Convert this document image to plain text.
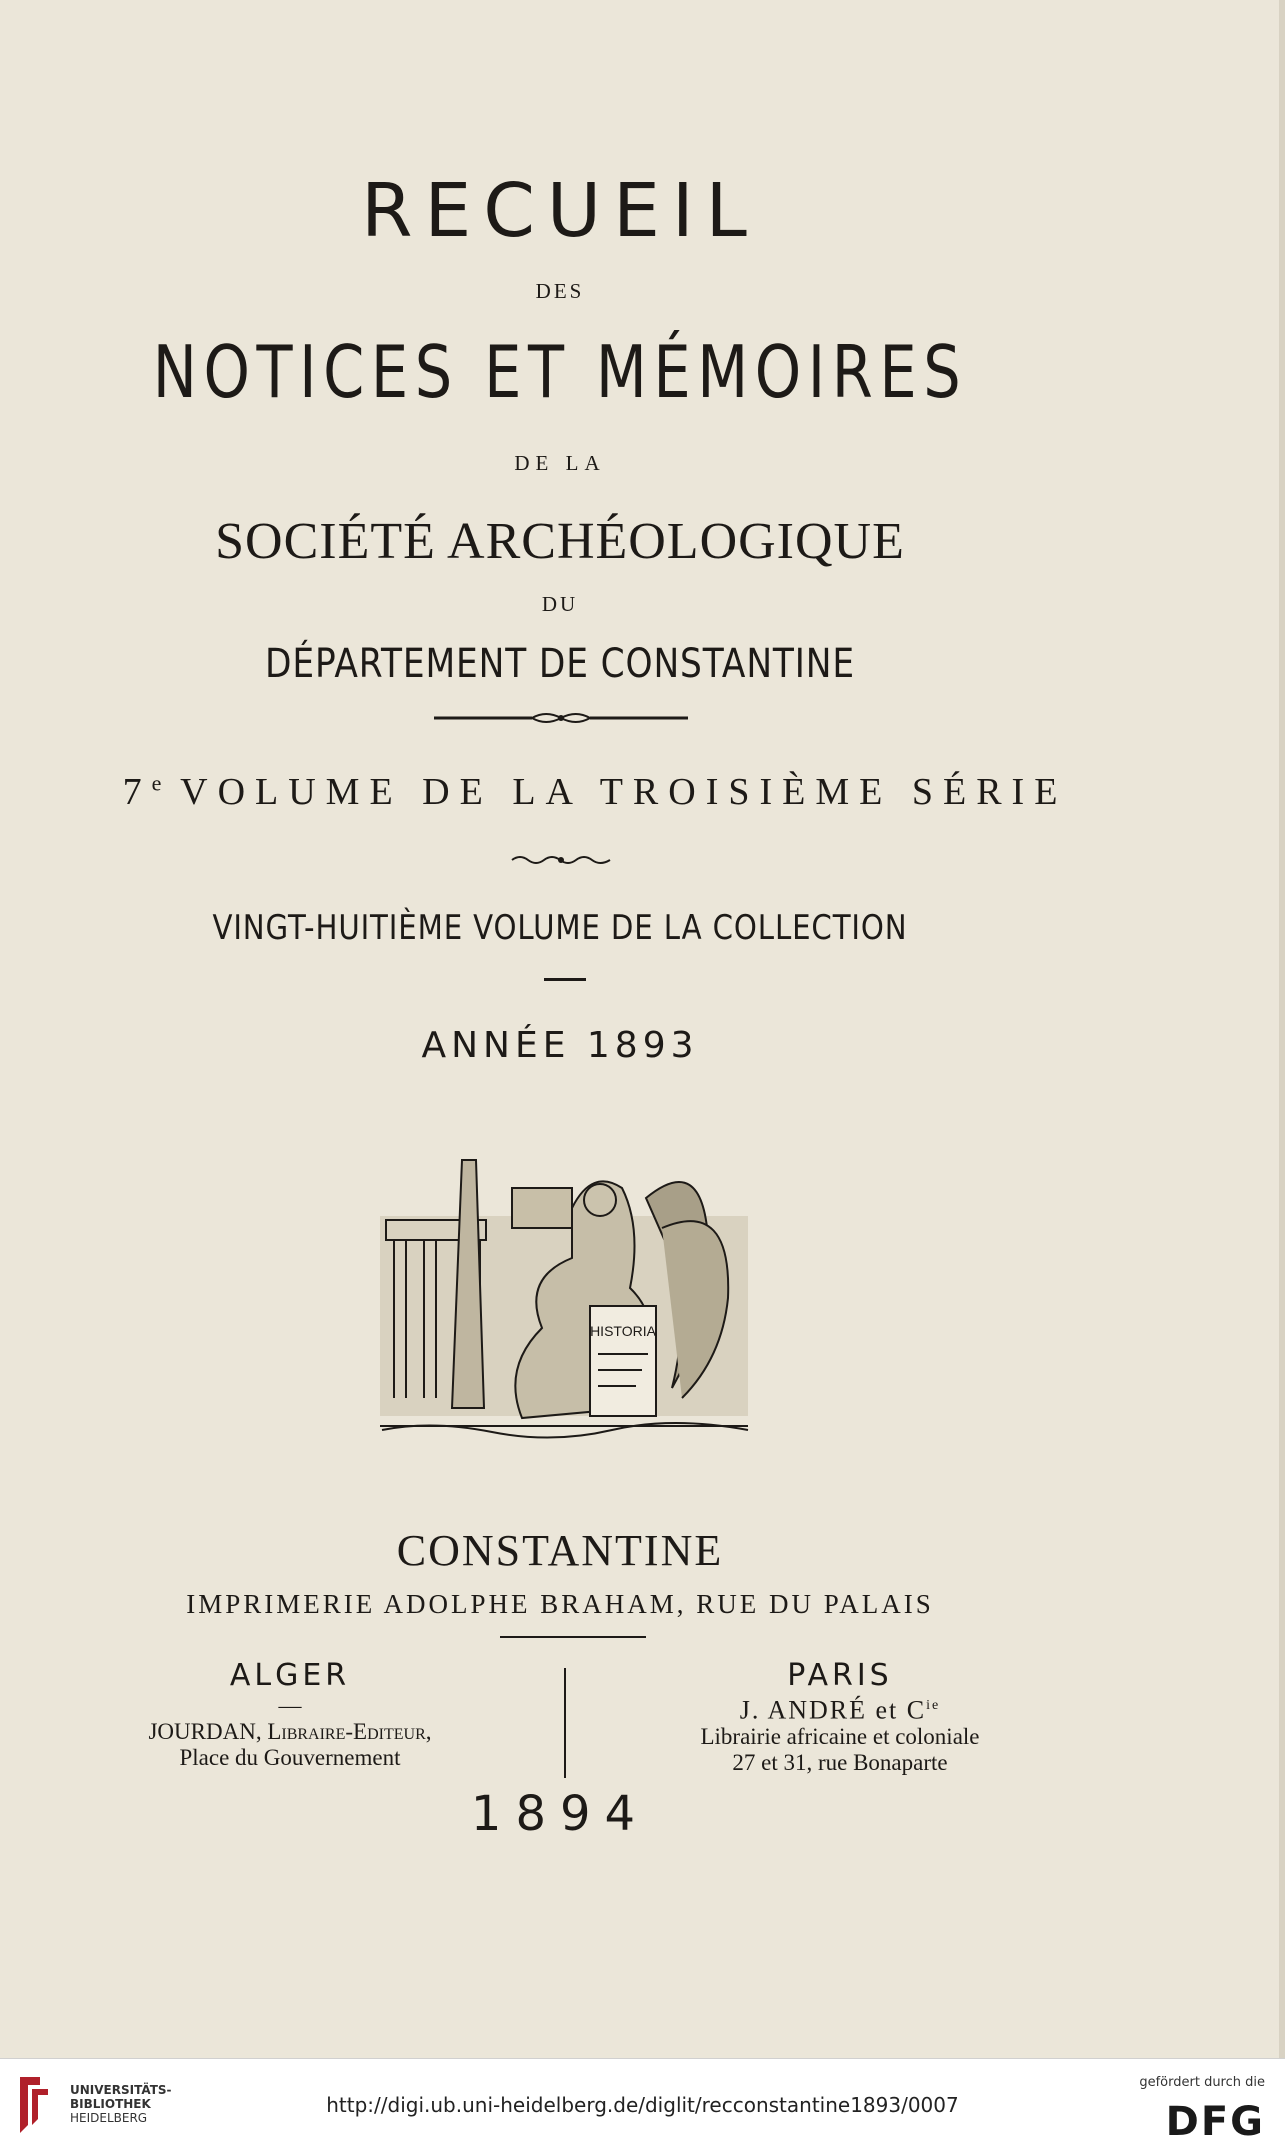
RECUEIL
DES
NOTICES ET MÉMOIRES
DE LA
SOCIÉTÉ ARCHÉOLOGIQUE
DU
DÉPARTEMENT DE CONSTANTINE
7e VOLUME DE LA TROISIÈME SÉRIE
VINGT-HUITIÈME VOLUME DE LA COLLECTION
ANNÉE 1893
HISTORIA
CONSTANTINE
IMPRIMERIE ADOLPHE BRAHAM, RUE DU PALAIS
ALGER
—
JOURDAN, Libraire-Editeur,
Place du Gouvernement
PARIS
J. ANDRÉ et $C^{ie}$
Librairie africaine et coloniale
27 et 31, rue Bonaparte
1894
UNIVERSITÄTS-
BIBLIOTHEK
HEIDELBERG
http://digi.ub.uni-heidelberg.de/diglit/recconstantine1893/0007
gefördert durch die
DFG
